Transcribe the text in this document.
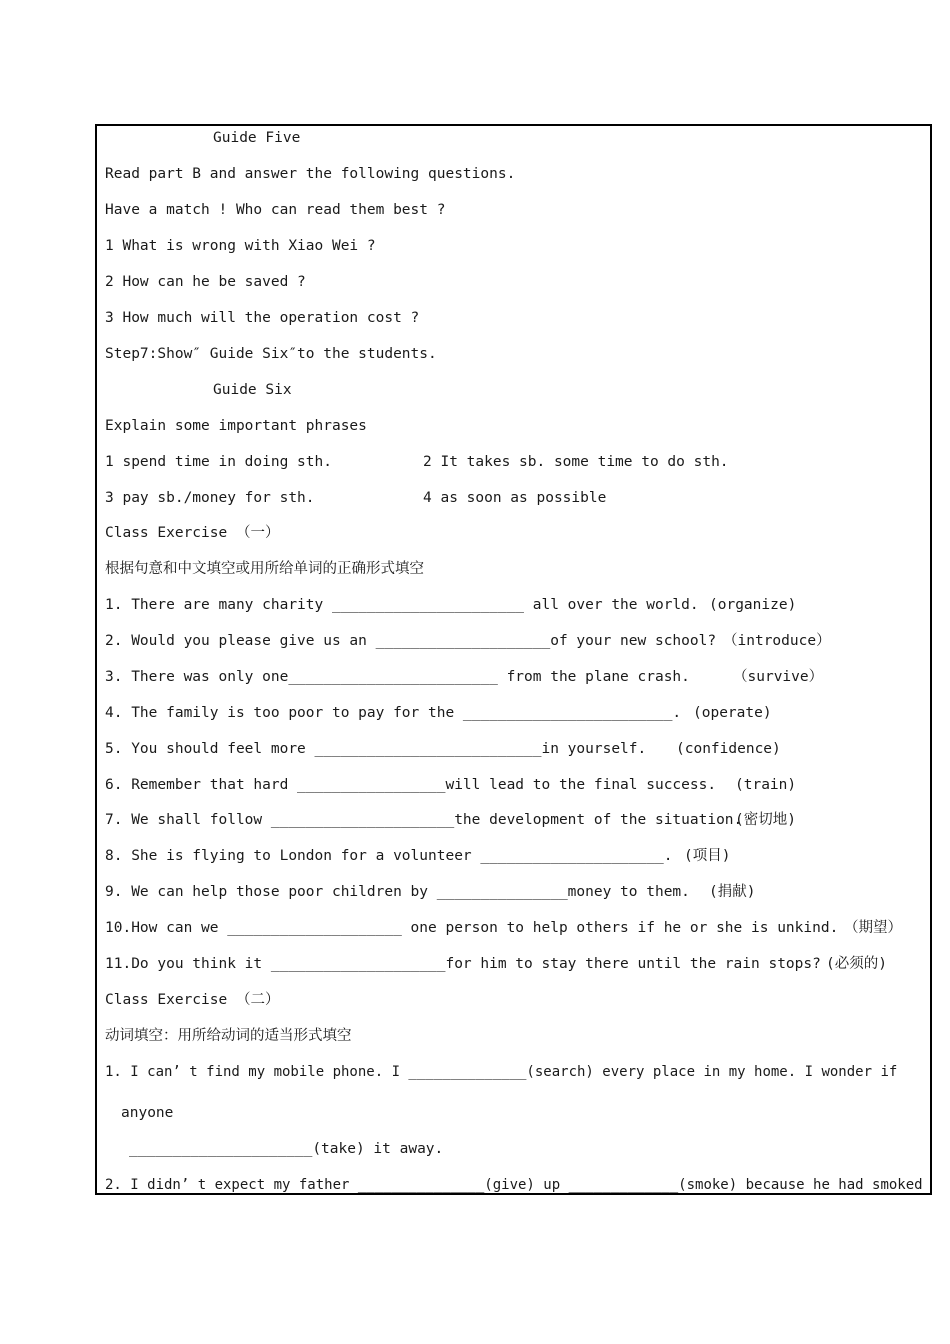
Guide Five
Read part B and answer the following questions.
Have a match ! Who can read them best ?
1 What is wrong with Xiao Wei ?
2 How can he be saved ?
3 How much will the operation cost ?
Step7:Show″ Guide Six″to the students.
Guide Six
Explain some important phrases
1 spend time in doing sth.	2 It takes sb. some time to do sth.
3 pay sb./money for sth.	4 as soon as possible
Class Exercise （一）
根据句意和中文填空或用所给单词的正确形式填空
1. There are many charity ______________________ all over the world. (organize)
2. Would you please give us an ____________________of your new school? （introduce）
3. There was only one________________________ from the plane crash.	（survive）
4. The family is too poor to pay for the ________________________. (operate)
5. You should feel more __________________________in yourself. (confidence)
6. Remember that hard _________________will lead to the final success. (train)
7. We shall follow _____________________the development of the situation.
(密切地)
8. She is flying to London for a volunteer _____________________. (项目)
9. We can help those poor children by _______________money to them. (捐献)
10.How can we ____________________ one person to help others if he or she is unkind. （期望）
11.Do you think it ____________________for him to stay there until the rain stops? (必须的)
Class Exercise （二）
动词填空：用所给动词的适当形式填空
1. I can’ t find my mobile phone. I ______________(search) every place in my home. I wonder if
anyone
_____________________(take) it away.
2. I didn’ t expect my father _______________(give) up _____________(smoke) because he had smoked
